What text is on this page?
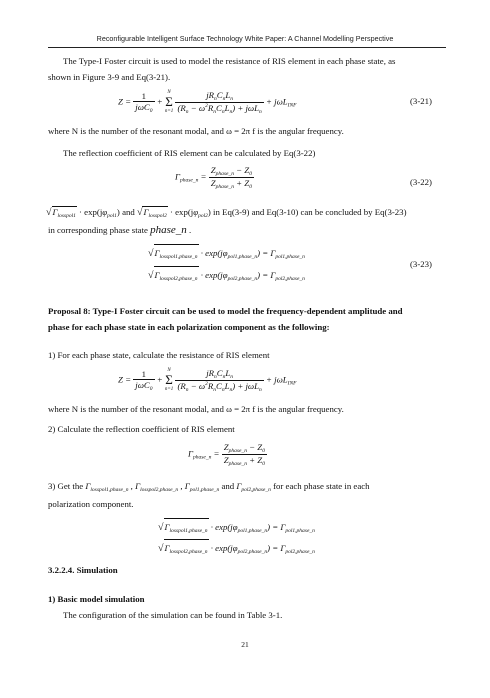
Reconfigurable Intelligent Surface Technology White Paper: A Channel Modelling Perspective
The Type-I Foster circuit is used to model the resistance of RIS element in each phase state, as
shown in Figure 3-9 and Eq(3-21).
$Z = \frac{1}{j\omega C_0} + N$
Σ
$n=1 \frac{jR_nC_nL_n}{(R_n - \omega^2R_nC_nL_n) + j\omega L_n} + j\omega L_{INF}$	(3-21)
where N is the number of the resonant modal, and ω = 2π f is the angular frequency.
The reflection coefficient of RIS element can be calculated by Eq(3-22)
$\Gamma_{phase\_n} = \frac{Z_{phase\_n} - Z_0}{Z_{phase\_n} + Z_0}$	(3-22)
$√\Gamma_{losspol1} \cdot \exp(j\varphi_{pol1})$ and $√\Gamma_{losspol2} \cdot \exp(j\varphi_{pol2})$ in Eq(3-9) and Eq(3-10) can be concluded by Eq(3-23)
in corresponding phase state phase_n .
$√\Gamma_{losspol1,phase\_n} \cdot \exp(j\varphi_{pol1,phase\_n}) = \Gamma_{pol1,phase\_n}$
$√\Gamma_{losspol2,phase\_n} \cdot \exp(j\varphi_{pol2,phase\_n}) = \Gamma_{pol2,phase\_n}$
(3-23)
Proposal 8: Type-I Foster circuit can be used to model the frequency-dependent amplitude and
phase for each phase state in each polarization component as the following:
1) For each phase state, calculate the resistance of RIS element
$Z = \frac{1}{j\omega C_0} + N$
Σ
$n=1 \frac{jR_nC_nL_n}{(R_n - \omega^2R_nC_nL_n) + j\omega L_n} + j\omega L_{INF}$
where N is the number of the resonant modal, and ω = 2π f is the angular frequency.
2) Calculate the reflection coefficient of RIS element
$\Gamma_{phase\_n} = \frac{Z_{phase\_n} - Z_0}{Z_{phase\_n} + Z_0}$
3) Get the $\Gamma_{losspol1,phase\_n}$ , $\Gamma_{losspol2,phase\_n}$ , $\Gamma_{pol1,phase\_n}$ and $\Gamma_{pol2,phase\_n}$ for each phase state in each
polarization component.
$√\Gamma_{losspol1,phase\_n} \cdot \exp(j\varphi_{pol1,phase\_n}) = \Gamma_{pol1,phase\_n}$
$√\Gamma_{losspol2,phase\_n} \cdot \exp(j\varphi_{pol2,phase\_n}) = \Gamma_{pol2,phase\_n}$
3.2.2.4. Simulation
1) Basic model simulation
The configuration of the simulation can be found in Table 3-1.
21
